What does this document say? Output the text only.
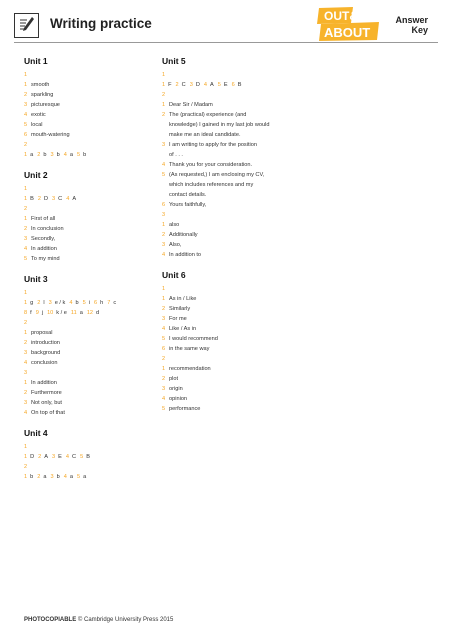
Writing practice	OUT&
ABOUT
Answer
Key
Unit 1
1
1 smooth
2 sparkling
3 picturesque
4 exotic
5 local
6 mouth-watering
2
1 a 2 b 3 b 4 a 5 b
Unit 2
1
1 B 2 D 3 C 4 A
2
1 First of all
2 In conclusion
3 Secondly,
4 In addition
5 To my mind
Unit 3
1
1 g 2 l 3 e / k 4 b 5 i 6 h 7 c
8 f 9 j 10 k / e 11 a 12 d
2
1 proposal
2 introduction
3 background
4 conclusion
3
1 In addition
2 Furthermore
3 Not only, but
4 On top of that
Unit 4
1
1 D 2 A 3 E 4 C 5 B
2
1 b 2 a 3 b 4 a 5 a
Unit 5
1
1 F 2 C 3 D 4 A 5 E 6 B
2
1 Dear Sir / Madam
2 The (practical) experience (and
knowledge) I gained in my last job would
make me an ideal candidate.
3 I am writing to apply for the position
of . . .
4 Thank you for your consideration.
5 (As requested,) I am enclosing my CV,
which includes references and my
contact details.
6 Yours faithfully,
3
1 also
2 Additionally
3 Also,
4 In addition to
Unit 6
1
1 As in / Like
2 Similarly
3 For me
4 Like / As in
5 I would recommend
6 in the same way
2
1 recommendation
2 plot
3 origin
4 opinion
5 performance
PHOTOCOPIABLE © Cambridge University Press 2015
